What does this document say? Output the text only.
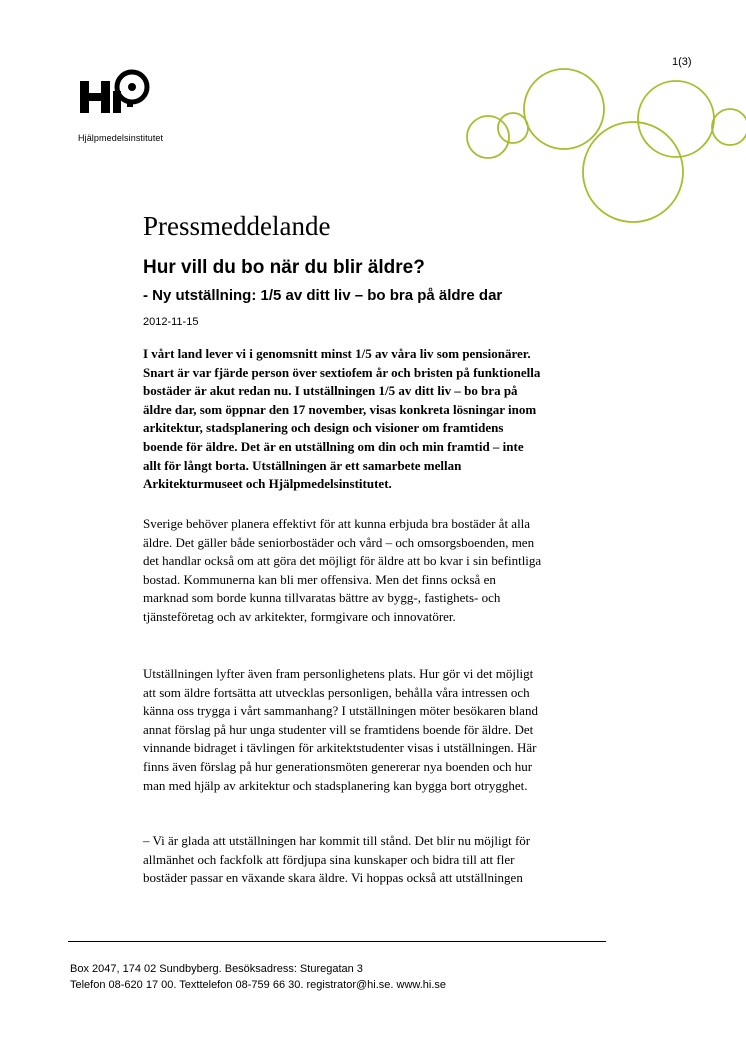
1(3)
Hjälpmedelsinstitutet
Pressmeddelande
Hur vill du bo när du blir äldre?
- Ny utställning: 1/5 av ditt liv – bo bra på äldre dar
2012-11-15
I vårt land lever vi i genomsnitt minst 1/5 av våra liv som pensionärer.
Snart är var fjärde person över sextiofem år och bristen på funktionella
bostäder är akut redan nu. I utställningen 1/5 av ditt liv – bo bra på
äldre dar, som öppnar den 17 november, visas konkreta lösningar inom
arkitektur, stadsplanering och design och visioner om framtidens
boende för äldre. Det är en utställning om din och min framtid – inte
allt för långt borta. Utställningen är ett samarbete mellan
Arkitekturmuseet och Hjälpmedelsinstitutet.
Sverige behöver planera effektivt för att kunna erbjuda bra bostäder åt alla
äldre. Det gäller både seniorbostäder och vård – och omsorgsboenden, men
det handlar också om att göra det möjligt för äldre att bo kvar i sin befintliga
bostad. Kommunerna kan bli mer offensiva. Men det finns också en
marknad som borde kunna tillvaratas bättre av bygg-, fastighets- och
tjänsteföretag och av arkitekter, formgivare och innovatörer.
Utställningen lyfter även fram personlighetens plats. Hur gör vi det möjligt
att som äldre fortsätta att utvecklas personligen, behålla våra intressen och
känna oss trygga i vårt sammanhang? I utställningen möter besökaren bland
annat förslag på hur unga studenter vill se framtidens boende för äldre. Det
vinnande bidraget i tävlingen för arkitektstudenter visas i utställningen. Här
finns även förslag på hur generationsmöten genererar nya boenden och hur
man med hjälp av arkitektur och stadsplanering kan bygga bort otrygghet.
– Vi är glada att utställningen har kommit till stånd. Det blir nu möjligt för
allmänhet och fackfolk att fördjupa sina kunskaper och bidra till att fler
bostäder passar en växande skara äldre. Vi hoppas också att utställningen
Box 2047, 174 02 Sundbyberg. Besöksadress: Sturegatan 3
Telefon 08-620 17 00. Texttelefon 08-759 66 30. registrator@hi.se. www.hi.se
